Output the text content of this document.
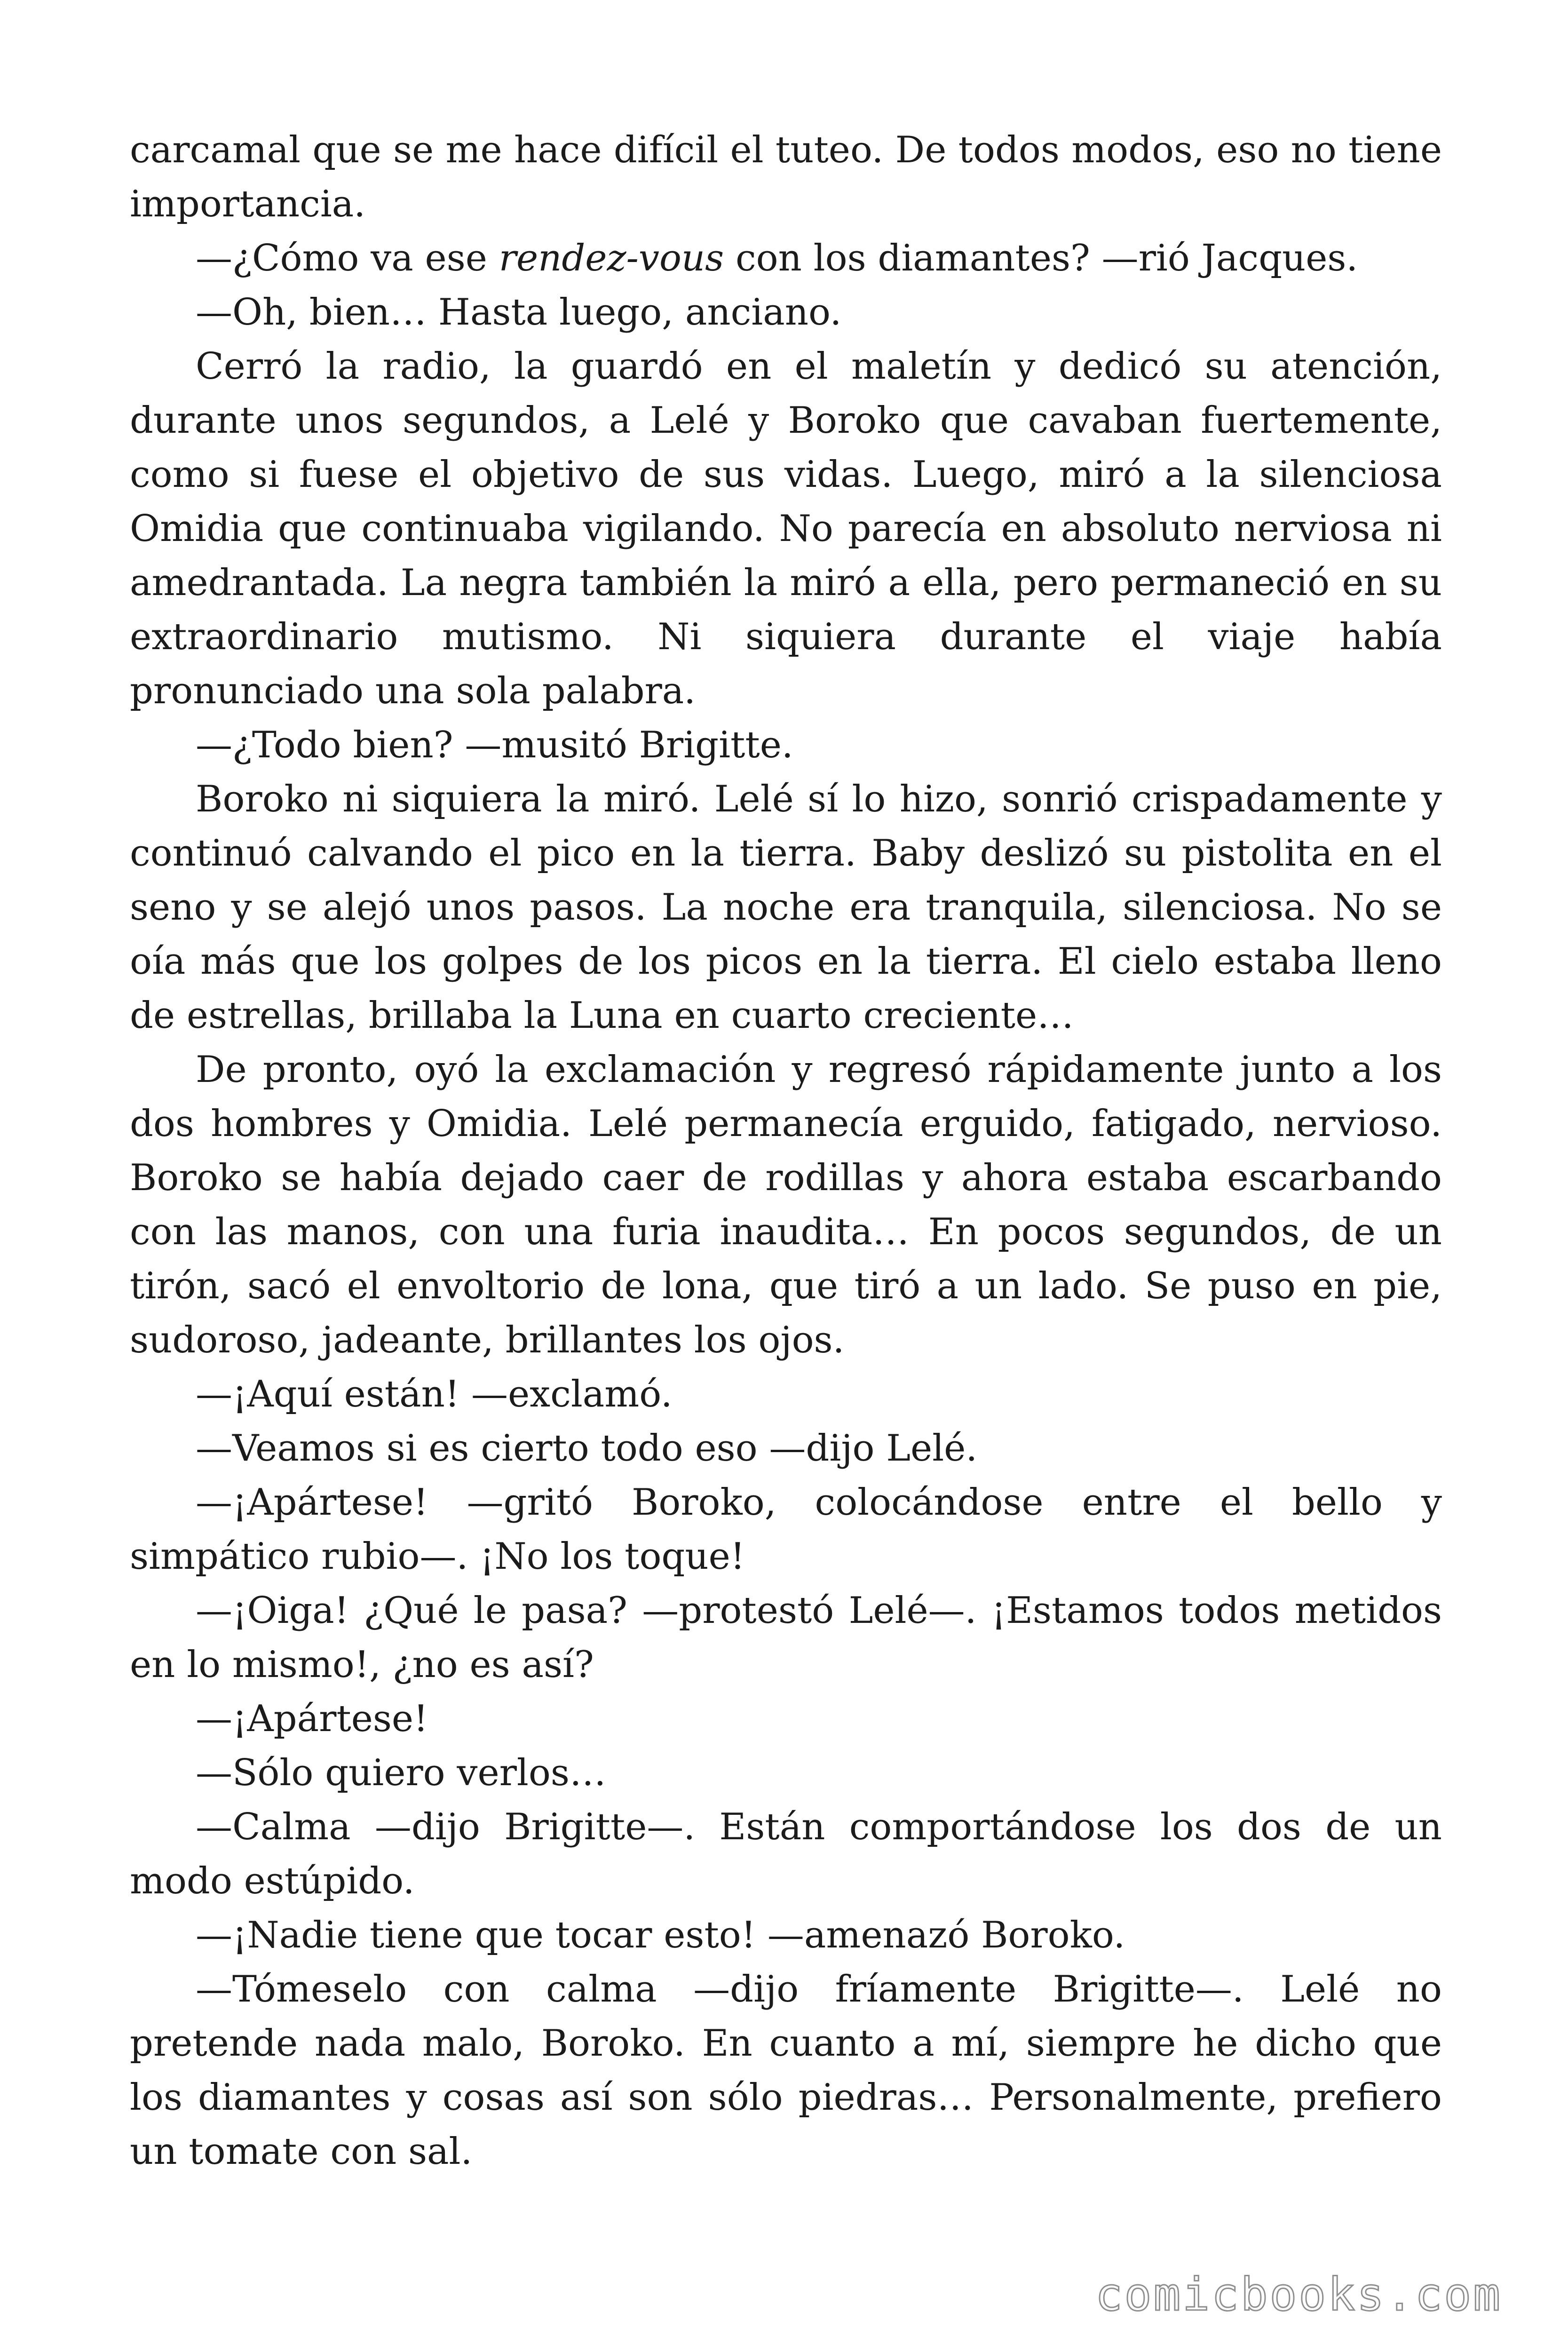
carcamal que se me hace difícil el tuteo. De todos modos, eso no tiene importancia.

—¿Cómo va ese rendez-vous con los diamantes? —rió Jacques.

—Oh, bien… Hasta luego, anciano.

Cerró la radio, la guardó en el maletín y dedicó su atención, durante unos segundos, a Lelé y Boroko que cavaban fuertemente, como si fuese el objetivo de sus vidas. Luego, miró a la silenciosa Omidia que continuaba vigilando. No parecía en absoluto nerviosa ni amedrantada. La negra también la miró a ella, pero permaneció en su extraordinario mutismo. Ni siquiera durante el viaje había pronunciado una sola palabra.

—¿Todo bien? —musitó Brigitte.

Boroko ni siquiera la miró. Lelé sí lo hizo, sonrió crispadamente y continuó calvando el pico en la tierra. Baby deslizó su pistolita en el seno y se alejó unos pasos. La noche era tranquila, silenciosa. No se oía más que los golpes de los picos en la tierra. El cielo estaba lleno de estrellas, brillaba la Luna en cuarto creciente…

De pronto, oyó la exclamación y regresó rápidamente junto a los dos hombres y Omidia. Lelé permanecía erguido, fatigado, nervioso. Boroko se había dejado caer de rodillas y ahora estaba escarbando con las manos, con una furia inaudita… En pocos segundos, de un tirón, sacó el envoltorio de lona, que tiró a un lado. Se puso en pie, sudoroso, jadeante, brillantes los ojos.

—¡Aquí están! —exclamó.

—Veamos si es cierto todo eso —dijo Lelé.

—¡Apártese! —gritó Boroko, colocándose entre el bello y simpático rubio—. ¡No los toque!

—¡Oiga! ¿Qué le pasa? —protestó Lelé—. ¡Estamos todos metidos en lo mismo!, ¿no es así?

—¡Apártese!

—Sólo quiero verlos…

—Calma —dijo Brigitte—. Están comportándose los dos de un modo estúpido.

—¡Nadie tiene que tocar esto! —amenazó Boroko.

—Tómeselo con calma —dijo fríamente Brigitte—. Lelé no pretende nada malo, Boroko. En cuanto a mí, siempre he dicho que los diamantes y cosas así son sólo piedras… Personalmente, prefiero un tomate con sal.

comicbooks.com
